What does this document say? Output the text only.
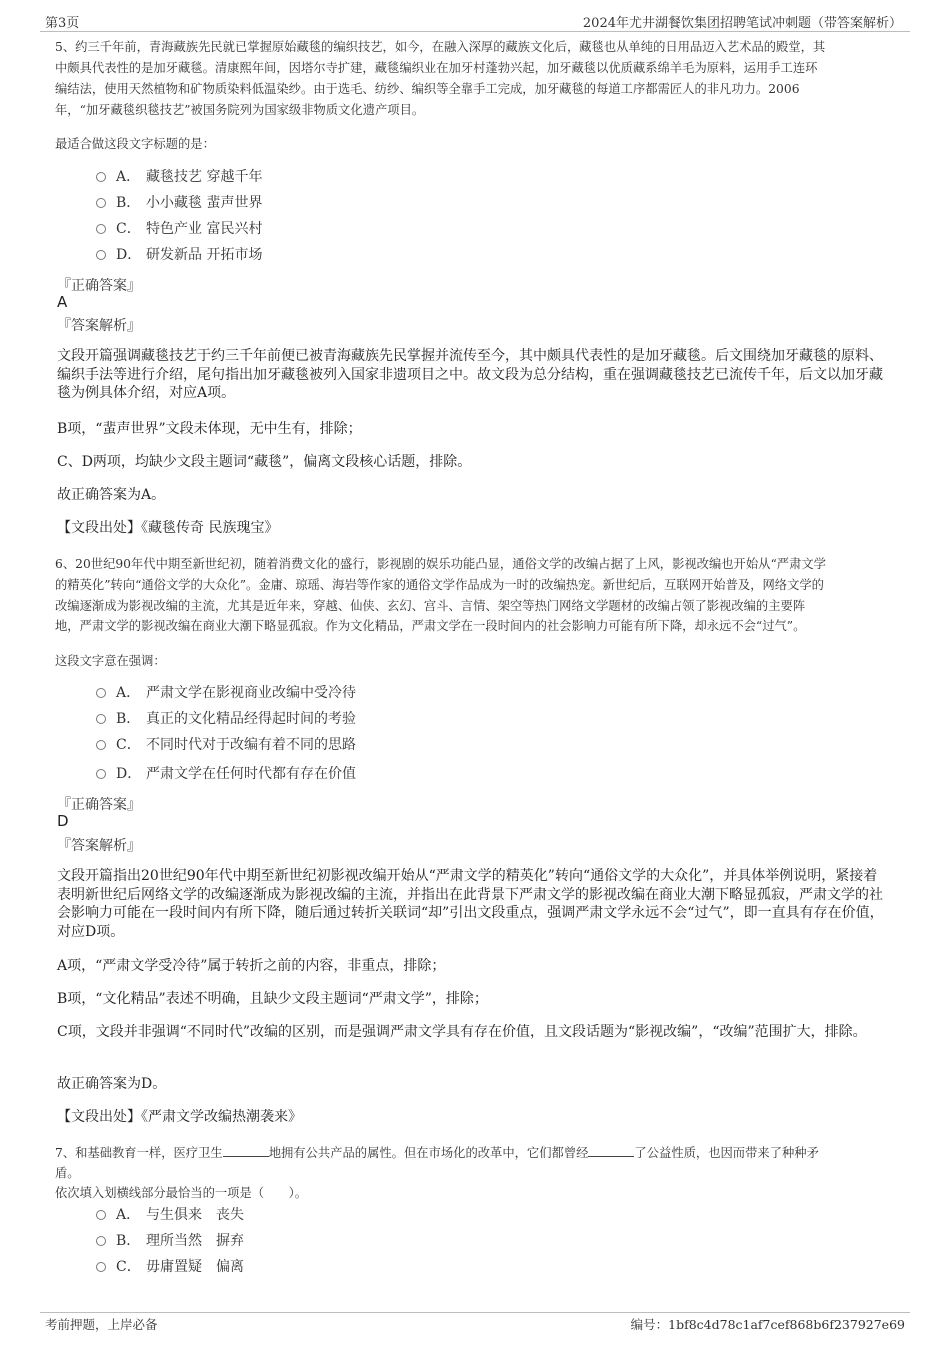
第3页	2024年尤井湖餐饮集团招聘笔试冲刺题（带答案解析）
5、约三千年前，青海藏族先民就已掌握原始藏毯的编织技艺，如今，在融入深厚的藏族文化后，藏毯也从单纯的日用品迈入艺术品的殿堂，其
中颇具代表性的是加牙藏毯。清康熙年间，因塔尔寺扩建，藏毯编织业在加牙村蓬勃兴起，加牙藏毯以优质藏系绵羊毛为原料，运用手工连环
编结法，使用天然植物和矿物质染料低温染纱。由于选毛、纺纱、编织等全靠手工完成，加牙藏毯的每道工序都需匠人的非凡功力。2006
年，“加牙藏毯织毯技艺”被国务院列为国家级非物质文化遗产项目。
最适合做这段文字标题的是：
A． 藏毯技艺 穿越千年
B． 小小藏毯 蜚声世界
C． 特色产业 富民兴村
D． 研发新品 开拓市场
『正确答案』
A
『答案解析』
文段开篇强调藏毯技艺于约三千年前便已被青海藏族先民掌握并流传至今，其中颇具代表性的是加牙藏毯。后文围绕加牙藏毯的原料、编织手法等进行介绍，尾句指出加牙藏毯被列入国家非遗项目之中。故文段为总分结构，重在强调藏毯技艺已流传千年，后文以加牙藏毯为例具体介绍，对应A项。
B项，“蜚声世界”文段未体现，无中生有，排除；
C、D两项，均缺少文段主题词“藏毯”，偏离文段核心话题，排除。
故正确答案为A。
【文段出处】《藏毯传奇 民族瑰宝》
6、20世纪90年代中期至新世纪初，随着消费文化的盛行，影视剧的娱乐功能凸显，通俗文学的改编占据了上风，影视改编也开始从“严肃文学
的精英化”转向“通俗文学的大众化”。金庸、琼瑶、海岩等作家的通俗文学作品成为一时的改编热宠。新世纪后，互联网开始普及，网络文学的
改编逐渐成为影视改编的主流，尤其是近年来，穿越、仙侠、玄幻、宫斗、言情、架空等热门网络文学题材的改编占领了影视改编的主要阵
地，严肃文学的影视改编在商业大潮下略显孤寂。作为文化精品，严肃文学在一段时间内的社会影响力可能有所下降，却永远不会“过气”。
这段文字意在强调：
A． 严肃文学在影视商业改编中受冷待
B． 真正的文化精品经得起时间的考验
C． 不同时代对于改编有着不同的思路
D． 严肃文学在任何时代都有存在价值
『正确答案』
D
『答案解析』
文段开篇指出20世纪90年代中期至新世纪初影视改编开始从“严肃文学的精英化”转向“通俗文学的大众化”，并具体举例说明，紧接着表明新世纪后网络文学的改编逐渐成为影视改编的主流，并指出在此背景下严肃文学的影视改编在商业大潮下略显孤寂，严肃文学的社会影响力可能在一段时间内有所下降，随后通过转折关联词“却”引出文段重点，强调严肃文学永远不会“过气”，即一直具有存在价值，对应D项。
A项，“严肃文学受冷待”属于转折之前的内容，非重点，排除；
B项，“文化精品”表述不明确，且缺少文段主题词“严肃文学”，排除；
C项，文段并非强调“不同时代”改编的区别，而是强调严肃文学具有存在价值，且文段话题为“影视改编”，“改编”范围扩大，排除。
故正确答案为D。
【文段出处】《严肃文学改编热潮袭来》
7、和基础教育一样，医疗卫生	地拥有公共产品的属性。但在市场化的改革中，它们都曾经	了公益性质，也因而带来了种种矛
盾。
依次填入划横线部分最恰当的一项是（　　）。
A． 与生俱来　丧失
B． 理所当然　摒弃
C． 毋庸置疑　偏离
考前押题，上岸必备	编号：1bf8c4d78c1af7cef868b6f237927e69
